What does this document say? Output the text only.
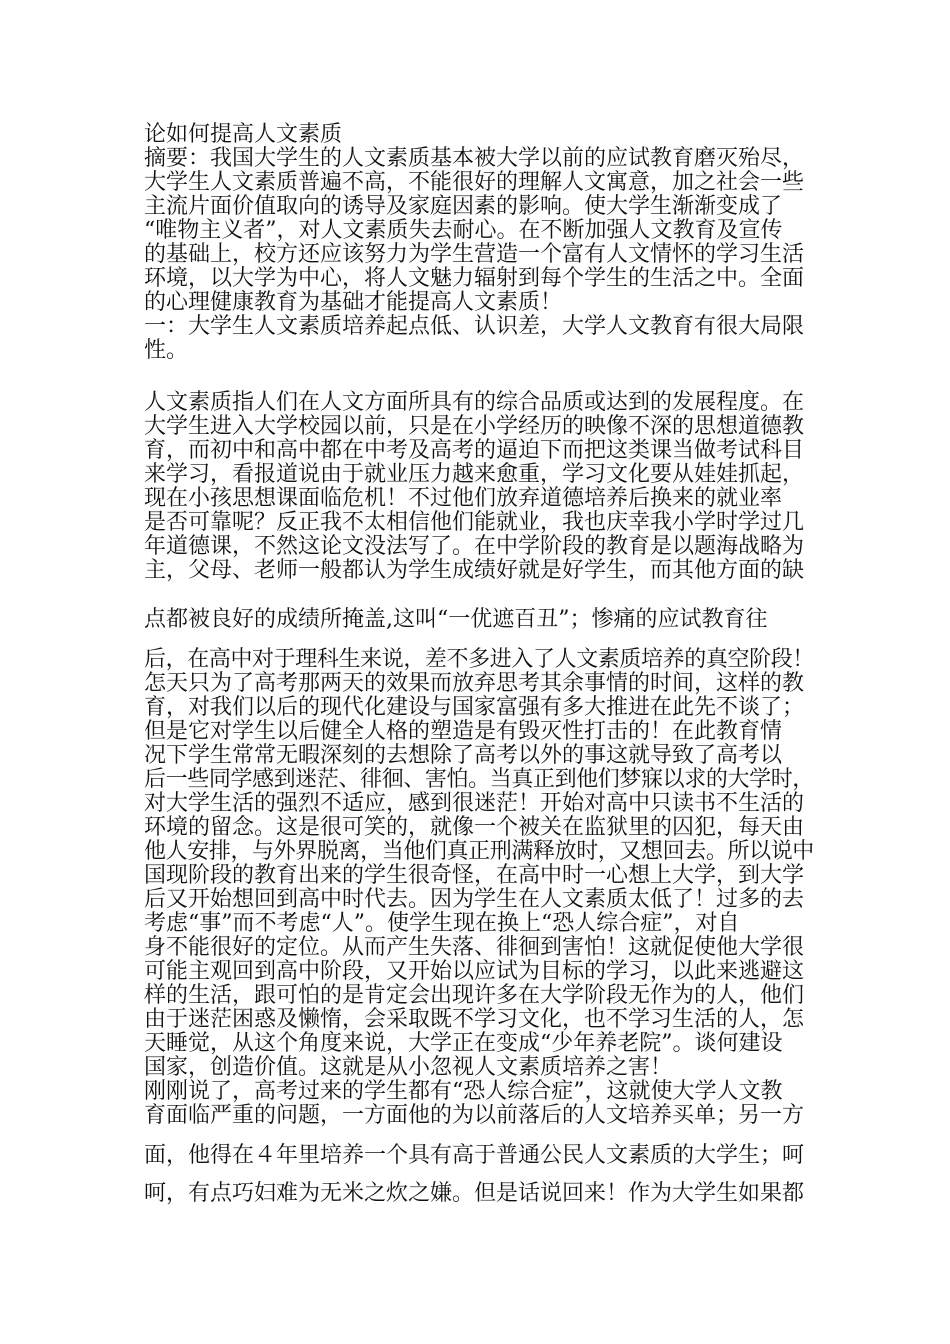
论如何提高人文素质
摘要：我国大学生的人文素质基本被大学以前的应试教育磨灭殆尽，
大学生人文素质普遍不高，不能很好的理解人文寓意，加之社会一些
主流片面价值取向的诱导及家庭因素的影响。使大学生渐渐变成了
“唯物主义者”，对人文素质失去耐心。在不断加强人文教育及宣传
的基础上，校方还应该努力为学生营造一个富有人文情怀的学习生活
环境，以大学为中心，将人文魅力辐射到每个学生的生活之中。全面
的心理健康教育为基础才能提高人文素质！
一：大学生人文素质培养起点低、认识差，大学人文教育有很大局限
性。
人文素质指人们在人文方面所具有的综合品质或达到的发展程度。在
大学生进入大学校园以前，只是在小学经历的映像不深的思想道德教
育，而初中和高中都在中考及高考的逼迫下而把这类课当做考试科目
来学习，看报道说由于就业压力越来愈重，学习文化要从娃娃抓起，
现在小孩思想课面临危机！不过他们放弃道德培养后换来的就业率
是否可靠呢？反正我不太相信他们能就业，我也庆幸我小学时学过几
年道德课，不然这论文没法写了。在中学阶段的教育是以题海战略为
主，父母、老师一般都认为学生成绩好就是好学生，而其他方面的缺
点都被良好的成绩所掩盖,这叫“一优遮百丑”；惨痛的应试教育往
后，在高中对于理科生来说，差不多进入了人文素质培养的真空阶段！
怎天只为了高考那两天的效果而放弃思考其余事情的时间，这样的教
育，对我们以后的现代化建设与国家富强有多大推进在此先不谈了；
但是它对学生以后健全人格的塑造是有毁灭性打击的！在此教育情
况下学生常常无暇深刻的去想除了高考以外的事这就导致了高考以
后一些同学感到迷茫、徘徊、害怕。当真正到他们梦寐以求的大学时，
对大学生活的强烈不适应，感到很迷茫！开始对高中只读书不生活的
环境的留念。这是很可笑的，就像一个被关在监狱里的囚犯，每天由
他人安排，与外界脱离，当他们真正刑满释放时，又想回去。所以说中
国现阶段的教育出来的学生很奇怪，在高中时一心想上大学，到大学
后又开始想回到高中时代去。因为学生在人文素质太低了！过多的去
考虑“事”而不考虑“人”。使学生现在换上“恐人综合症”，对自
身不能很好的定位。从而产生失落、徘徊到害怕！这就促使他大学很
可能主观回到高中阶段，又开始以应试为目标的学习，以此来逃避这
样的生活，跟可怕的是肯定会出现许多在大学阶段无作为的人，他们
由于迷茫困惑及懒惰，会采取既不学习文化，也不学习生活的人，怎
天睡觉，从这个角度来说，大学正在变成“少年养老院”。谈何建设
国家，创造价值。这就是从小忽视人文素质培养之害！
刚刚说了，高考过来的学生都有“恐人综合症”，这就使大学人文教
育面临严重的问题，一方面他的为以前落后的人文培养买单；另一方
面，他得在４年里培养一个具有高于普通公民人文素质的大学生；呵
呵，有点巧妇难为无米之炊之嫌。但是话说回来！作为大学生如果都
